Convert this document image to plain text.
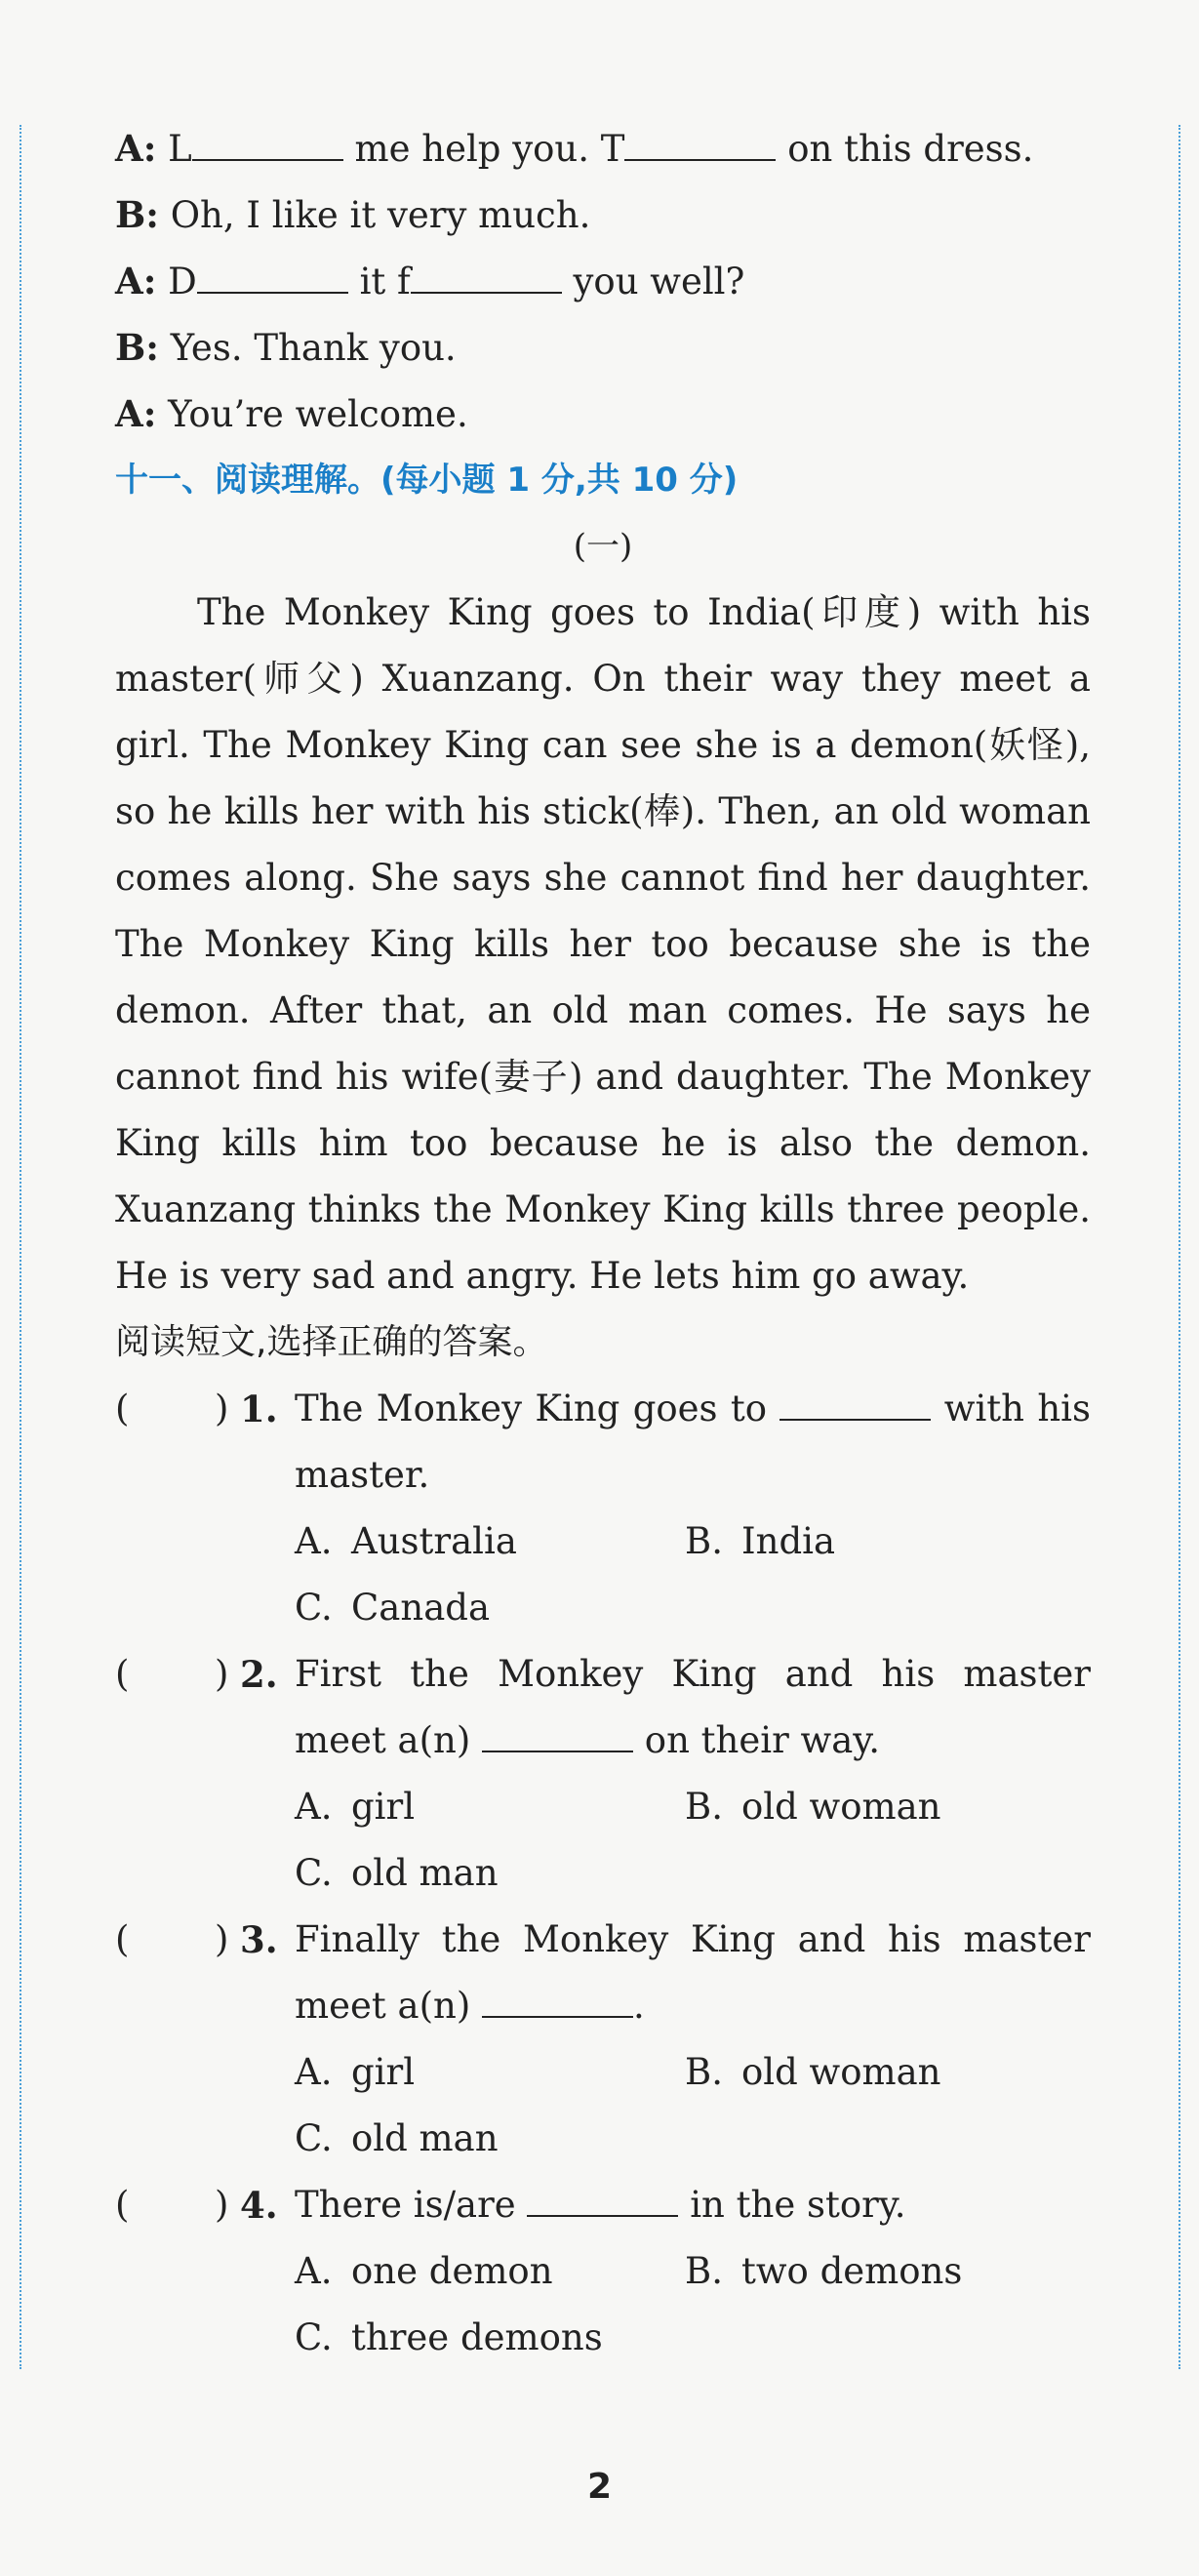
A: L	me help you. T	on this dress.
B: Oh, I like it very much.
A: D	it f	you well?
B: Yes. Thank you.
A: You’re welcome.
十一、阅读理解。(每小题 1 分,共 10 分)
(一)
The Monkey King goes to India(印度) with his master(师父) Xuanzang. On their way they meet a girl. The Monkey King can see she is a demon(妖怪), so he kills her with his stick(棒). Then, an old woman comes along. She says she cannot find her daughter. The Monkey King kills her too because she is the demon. After that, an old man comes. He says he cannot find his wife(妻子) and daughter. The Monkey King kills him too because he is also the demon. Xuanzang thinks the Monkey King kills three people. He is very sad and angry. He lets him go away.
阅读短文,选择正确的答案。
( ) 1. The Monkey King goes to	with his master.
A. Australia	B. India
C. Canada
( ) 2. First the Monkey King and his master meet a(n)	on their way.
A. girl	B. old woman
C. old man
( ) 3. Finally the Monkey King and his master meet a(n)	.
A. girl	B. old woman
C. old man
( ) 4. There is/are	in the story.
A. one demon	B. two demons
C. three demons
2
